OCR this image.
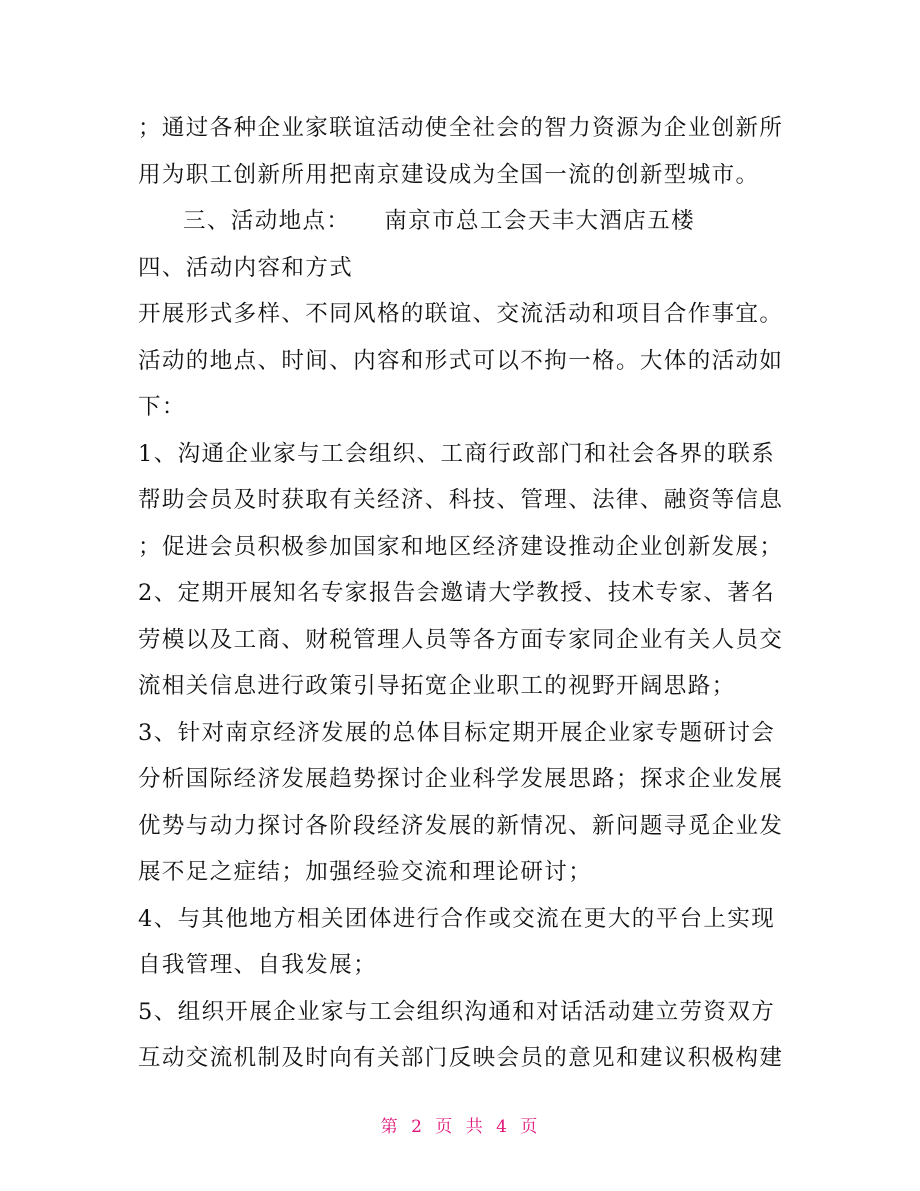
；通过各种企业家联谊活动使全社会的智力资源为企业创新所

用为职工创新所用把南京建设成为全国一流的创新型城市。

三、活动地点： 南京市总工会天丰大酒店五楼

四、活动内容和方式

开展形式多样、不同风格的联谊、交流活动和项目合作事宜。

活动的地点、时间、内容和形式可以不拘一格。大体的活动如

下：

1、沟通企业家与工会组织、工商行政部门和社会各界的联系

帮助会员及时获取有关经济、科技、管理、法律、融资等信息

；促进会员积极参加国家和地区经济建设推动企业创新发展；

2、定期开展知名专家报告会邀请大学教授、技术专家、著名

劳模以及工商、财税管理人员等各方面专家同企业有关人员交

流相关信息进行政策引导拓宽企业职工的视野开阔思路；

3、针对南京经济发展的总体目标定期开展企业家专题研讨会

分析国际经济发展趋势探讨企业科学发展思路；探求企业发展

优势与动力探讨各阶段经济发展的新情况、新问题寻觅企业发

展不足之症结；加强经验交流和理论研讨；

4、与其他地方相关团体进行合作或交流在更大的平台上实现

自我管理、自我发展；

5、组织开展企业家与工会组织沟通和对话活动建立劳资双方

互动交流机制及时向有关部门反映会员的意见和建议积极构建

第 2 页 共 4 页
